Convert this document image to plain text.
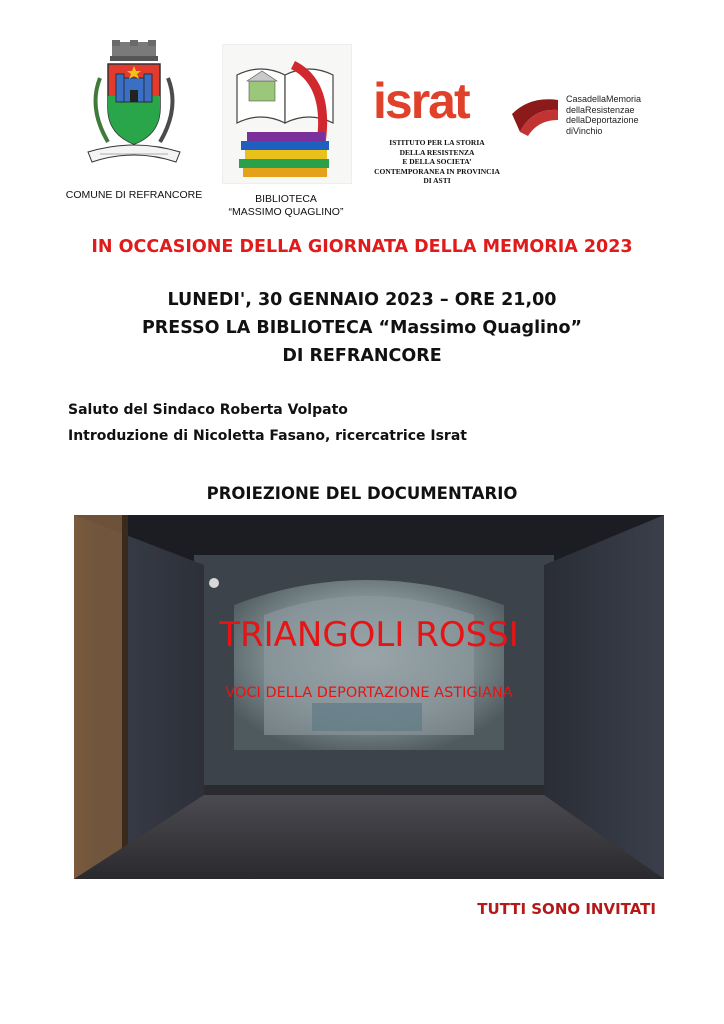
COMUNE DI REFRANCORE	BIBLIOTECA
“MASSIMO QUAGLINO”
israt
ISTITUTO PER LA STORIA
DELLA RESISTENZA
E DELLA SOCIETA’
CONTEMPORANEA IN PROVINCIA
DI ASTI
CasadellaMemoria
dellaResistenzae
dellaDeportazione
diVinchio
IN OCCASIONE DELLA GIORNATA DELLA MEMORIA 2023
LUNEDI', 30 GENNAIO 2023 – ORE 21,00
PRESSO LA BIBLIOTECA “Massimo Quaglino”
DI REFRANCORE
Saluto del Sindaco Roberta Volpato
Introduzione di Nicoletta Fasano, ricercatrice Israt
PROIEZIONE DEL DOCUMENTARIO
TRIANGOLI ROSSI
VOCI DELLA DEPORTAZIONE ASTIGIANA
TUTTI SONO INVITATI
